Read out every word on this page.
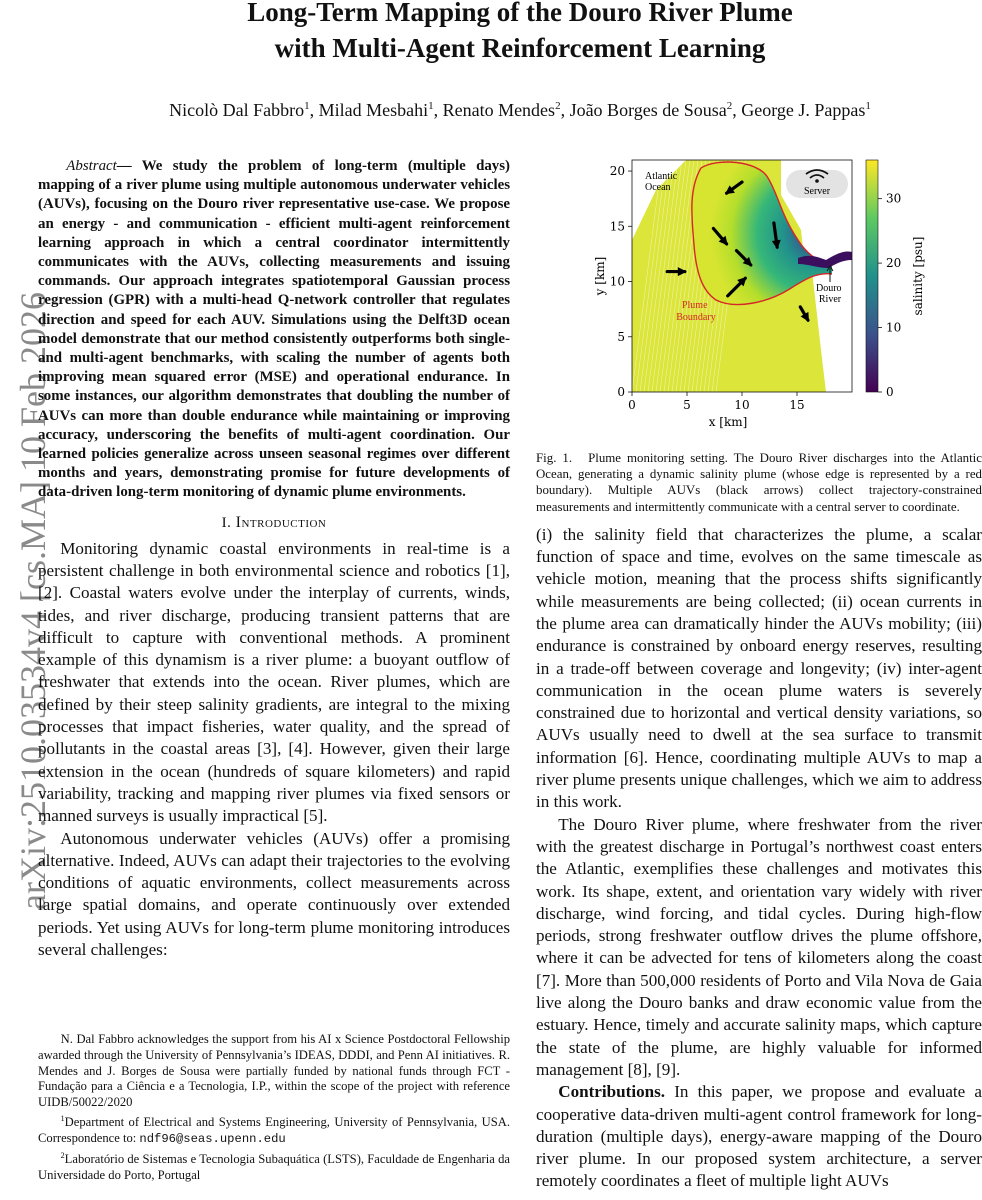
arXiv:2510.03534v4 [cs.MA] 10 Feb 2026
Long-Term Mapping of the Douro River Plume
with Multi-Agent Reinforcement Learning
Nicolò Dal Fabbro$^1$, Milad Mesbahi$^1$, Renato Mendes$^2$, João Borges de Sousa$^2$, George J. Pappas$^1$

Abstract— We study the problem of long-term (multiple days) mapping of a river plume using multiple autonomous underwater vehicles (AUVs), focusing on the Douro river representative use-case. We propose an energy - and communication - efficient multi-agent reinforcement learning approach in which a central coordinator intermittently communicates with the AUVs, collecting measurements and issuing commands. Our approach integrates spatiotemporal Gaussian process regression (GPR) with a multi-head Q-network controller that regulates direction and speed for each AUV. Simulations using the Delft3D ocean model demonstrate that our method consistently outperforms both single- and multi-agent benchmarks, with scaling the number of agents both improving mean squared error (MSE) and operational endurance. In some instances, our algorithm demonstrates that doubling the number of AUVs can more than double endurance while maintaining or improving accuracy, underscoring the benefits of multi-agent coordination. Our learned policies generalize across unseen seasonal regimes over different months and years, demonstrating promise for future developments of data-driven long-term monitoring of dynamic plume environments.

I. Introduction

Monitoring dynamic coastal environments in real-time is a persistent challenge in both environmental science and robotics [1], [2]. Coastal waters evolve under the interplay of currents, winds, tides, and river discharge, producing transient patterns that are difficult to capture with conventional methods. A prominent example of this dynamism is a river plume: a buoyant outflow of freshwater that extends into the ocean. River plumes, which are defined by their steep salinity gradients, are integral to the mixing processes that impact fisheries, water quality, and the spread of pollutants in the coastal areas [3], [4]. However, given their large extension in the ocean (hundreds of square kilometers) and rapid variability, tracking and mapping river plumes via fixed sensors or manned surveys is usually impractical [5].

Autonomous underwater vehicles (AUVs) offer a promising alternative. Indeed, AUVs can adapt their trajectories to the evolving conditions of aquatic environments, collect measurements across large spatial domains, and operate continuously over extended periods. Yet using AUVs for long-term plume monitoring introduces several challenges:

N. Dal Fabbro acknowledges the support from his AI x Science Postdoctoral Fellowship awarded through the University of Pennsylvania’s IDEAS, DDDI, and Penn AI initiatives. R. Mendes and J. Borges de Sousa were partially funded by national funds through FCT - Fundação para a Ciência e a Tecnologia, I.P., within the scope of the project with reference UIDB/50022/2020

$^1$Department of Electrical and Systems Engineering, University of Pennsylvania, USA. Correspondence to: ndf96@seas.upenn.edu

$^2$Laboratório de Sistemas e Tecnologia Subaquática (LSTS), Faculdade de Engenharia da Universidade do Porto, Portugal

Server
Atlantic Ocean
Plume Boundary
Douro River
0	5	10	15
0
5
10
15
20
x [km]
y [km]
0
10
20
30
salinity [psu]

Fig. 1. Plume monitoring setting. The Douro River discharges into the Atlantic Ocean, generating a dynamic salinity plume (whose edge is represented by a red boundary). Multiple AUVs (black arrows) collect trajectory-constrained measurements and intermittently communicate with a central server to coordinate.

(i) the salinity field that characterizes the plume, a scalar function of space and time, evolves on the same timescale as vehicle motion, meaning that the process shifts significantly while measurements are being collected; (ii) ocean currents in the plume area can dramatically hinder the AUVs mobility; (iii) endurance is constrained by onboard energy reserves, resulting in a trade-off between coverage and longevity; (iv) inter-agent communication in the ocean plume waters is severely constrained due to horizontal and vertical density variations, so AUVs usually need to dwell at the sea surface to transmit information [6]. Hence, coordinating multiple AUVs to map a river plume presents unique challenges, which we aim to address in this work.

The Douro River plume, where freshwater from the river with the greatest discharge in Portugal’s northwest coast enters the Atlantic, exemplifies these challenges and motivates this work. Its shape, extent, and orientation vary widely with river discharge, wind forcing, and tidal cycles. During high-flow periods, strong freshwater outflow drives the plume offshore, where it can be advected for tens of kilometers along the coast [7]. More than 500,000 residents of Porto and Vila Nova de Gaia live along the Douro banks and draw economic value from the estuary. Hence, timely and accurate salinity maps, which capture the state of the plume, are highly valuable for informed management [8], [9].

Contributions. In this paper, we propose and evaluate a cooperative data-driven multi-agent control framework for long-duration (multiple days), energy-aware mapping of the Douro river plume. In our proposed system architecture, a server remotely coordinates a fleet of multiple light AUVs
